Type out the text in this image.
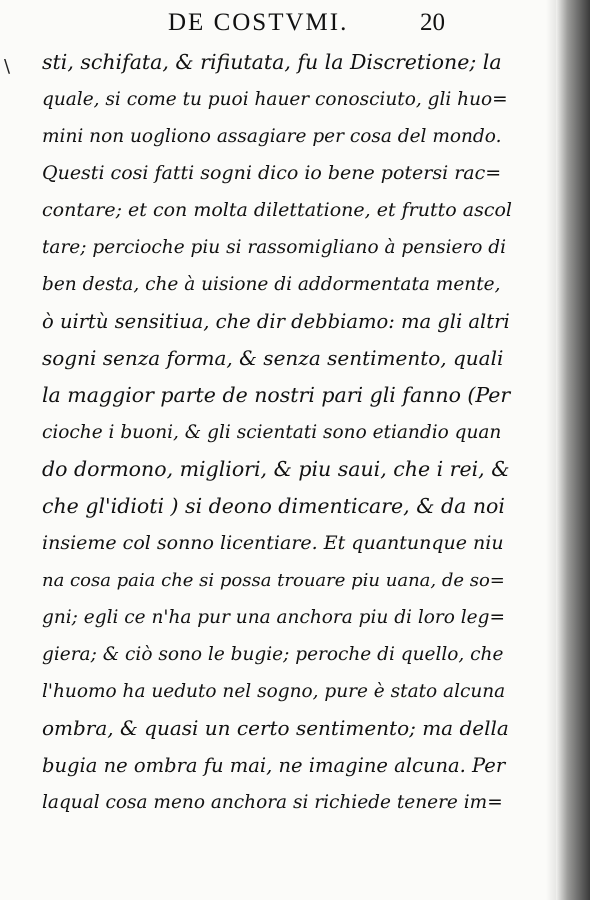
DE COSTVMI.	20
\ sti, schifata, & rifiutata, fu la Discretione; la
quale, si come tu puoi hauer conosciuto, gli huo=
mini non uogliono assagiare per cosa del mondo.
Questi cosi fatti sogni dico io bene potersi rac=
contare; et con molta dilettatione, et frutto ascol
tare; percioche piu si rassomigliano à pensiero di
ben desta, che à uisione di addormentata mente,
ò uirtù sensitiua, che dir debbiamo: ma gli altri
sogni senza forma, & senza sentimento, quali
la maggior parte de nostri pari gli fanno (Per
cioche i buoni, & gli scientati sono etiandio quan
do dormono, migliori, & piu saui, che i rei, &
che gl'idioti ) si deono dimenticare, & da noi
insieme col sonno licentiare. Et quantunque niu
na cosa paia che si possa trouare piu uana, de so=
gni; egli ce n'ha pur una anchora piu di loro leg=
giera; & ciò sono le bugie; peroche di quello, che
l'huomo ha ueduto nel sogno, pure è stato alcuna
ombra, & quasi un certo sentimento; ma della
bugia ne ombra fu mai, ne imagine alcuna. Per
laqual cosa meno anchora si richiede tenere im=
